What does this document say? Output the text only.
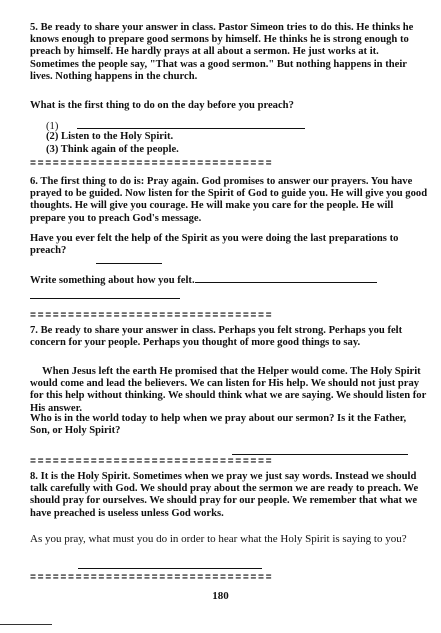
5. Be ready to share your answer in class. Pastor Simeon tries to do this. He thinks he knows enough to prepare good sermons by himself. He thinks he is strong enough to preach by himself. He hardly prays at all about a sermon. He just works at it. Sometimes the people say, "That was a good sermon." But nothing happens in their lives. Nothing happens in the church.

What is the first thing to do on the day before you preach?

(1)
(2) Listen to the Holy Spirit.
(3) Think again of the people.
================================

6. The first thing to do is: Pray again. God promises to answer our prayers. You have prayed to be guided. Now listen for the Spirit of God to guide you. He will give you good thoughts. He will give you courage. He will make you care for the people. He will prepare you to preach God's message.

Have you ever felt the help of the Spirit as you were doing the last preparations to preach?

Write something about how you felt.
================================

7. Be ready to share your answer in class. Perhaps you felt strong. Perhaps you felt concern for your people. Perhaps you thought of more good things to say.

When Jesus left the earth He promised that the Helper would come. The Holy Spirit would come and lead the believers. We can listen for His help. We should not just pray for this help without thinking. We should think what we are saying. We should listen for His answer.

Who is in the world today to help when we pray about our sermon? Is it the Father, Son, or Holy Spirit?

================================

8. It is the Holy Spirit. Sometimes when we pray we just say words. Instead we should talk carefully with God. We should pray about the sermon we are ready to preach. We should pray for ourselves. We should pray for our people. We remember that what we have preached is useless unless God works.

As you pray, what must you do in order to hear what the Holy Spirit is saying to you?

================================
180
